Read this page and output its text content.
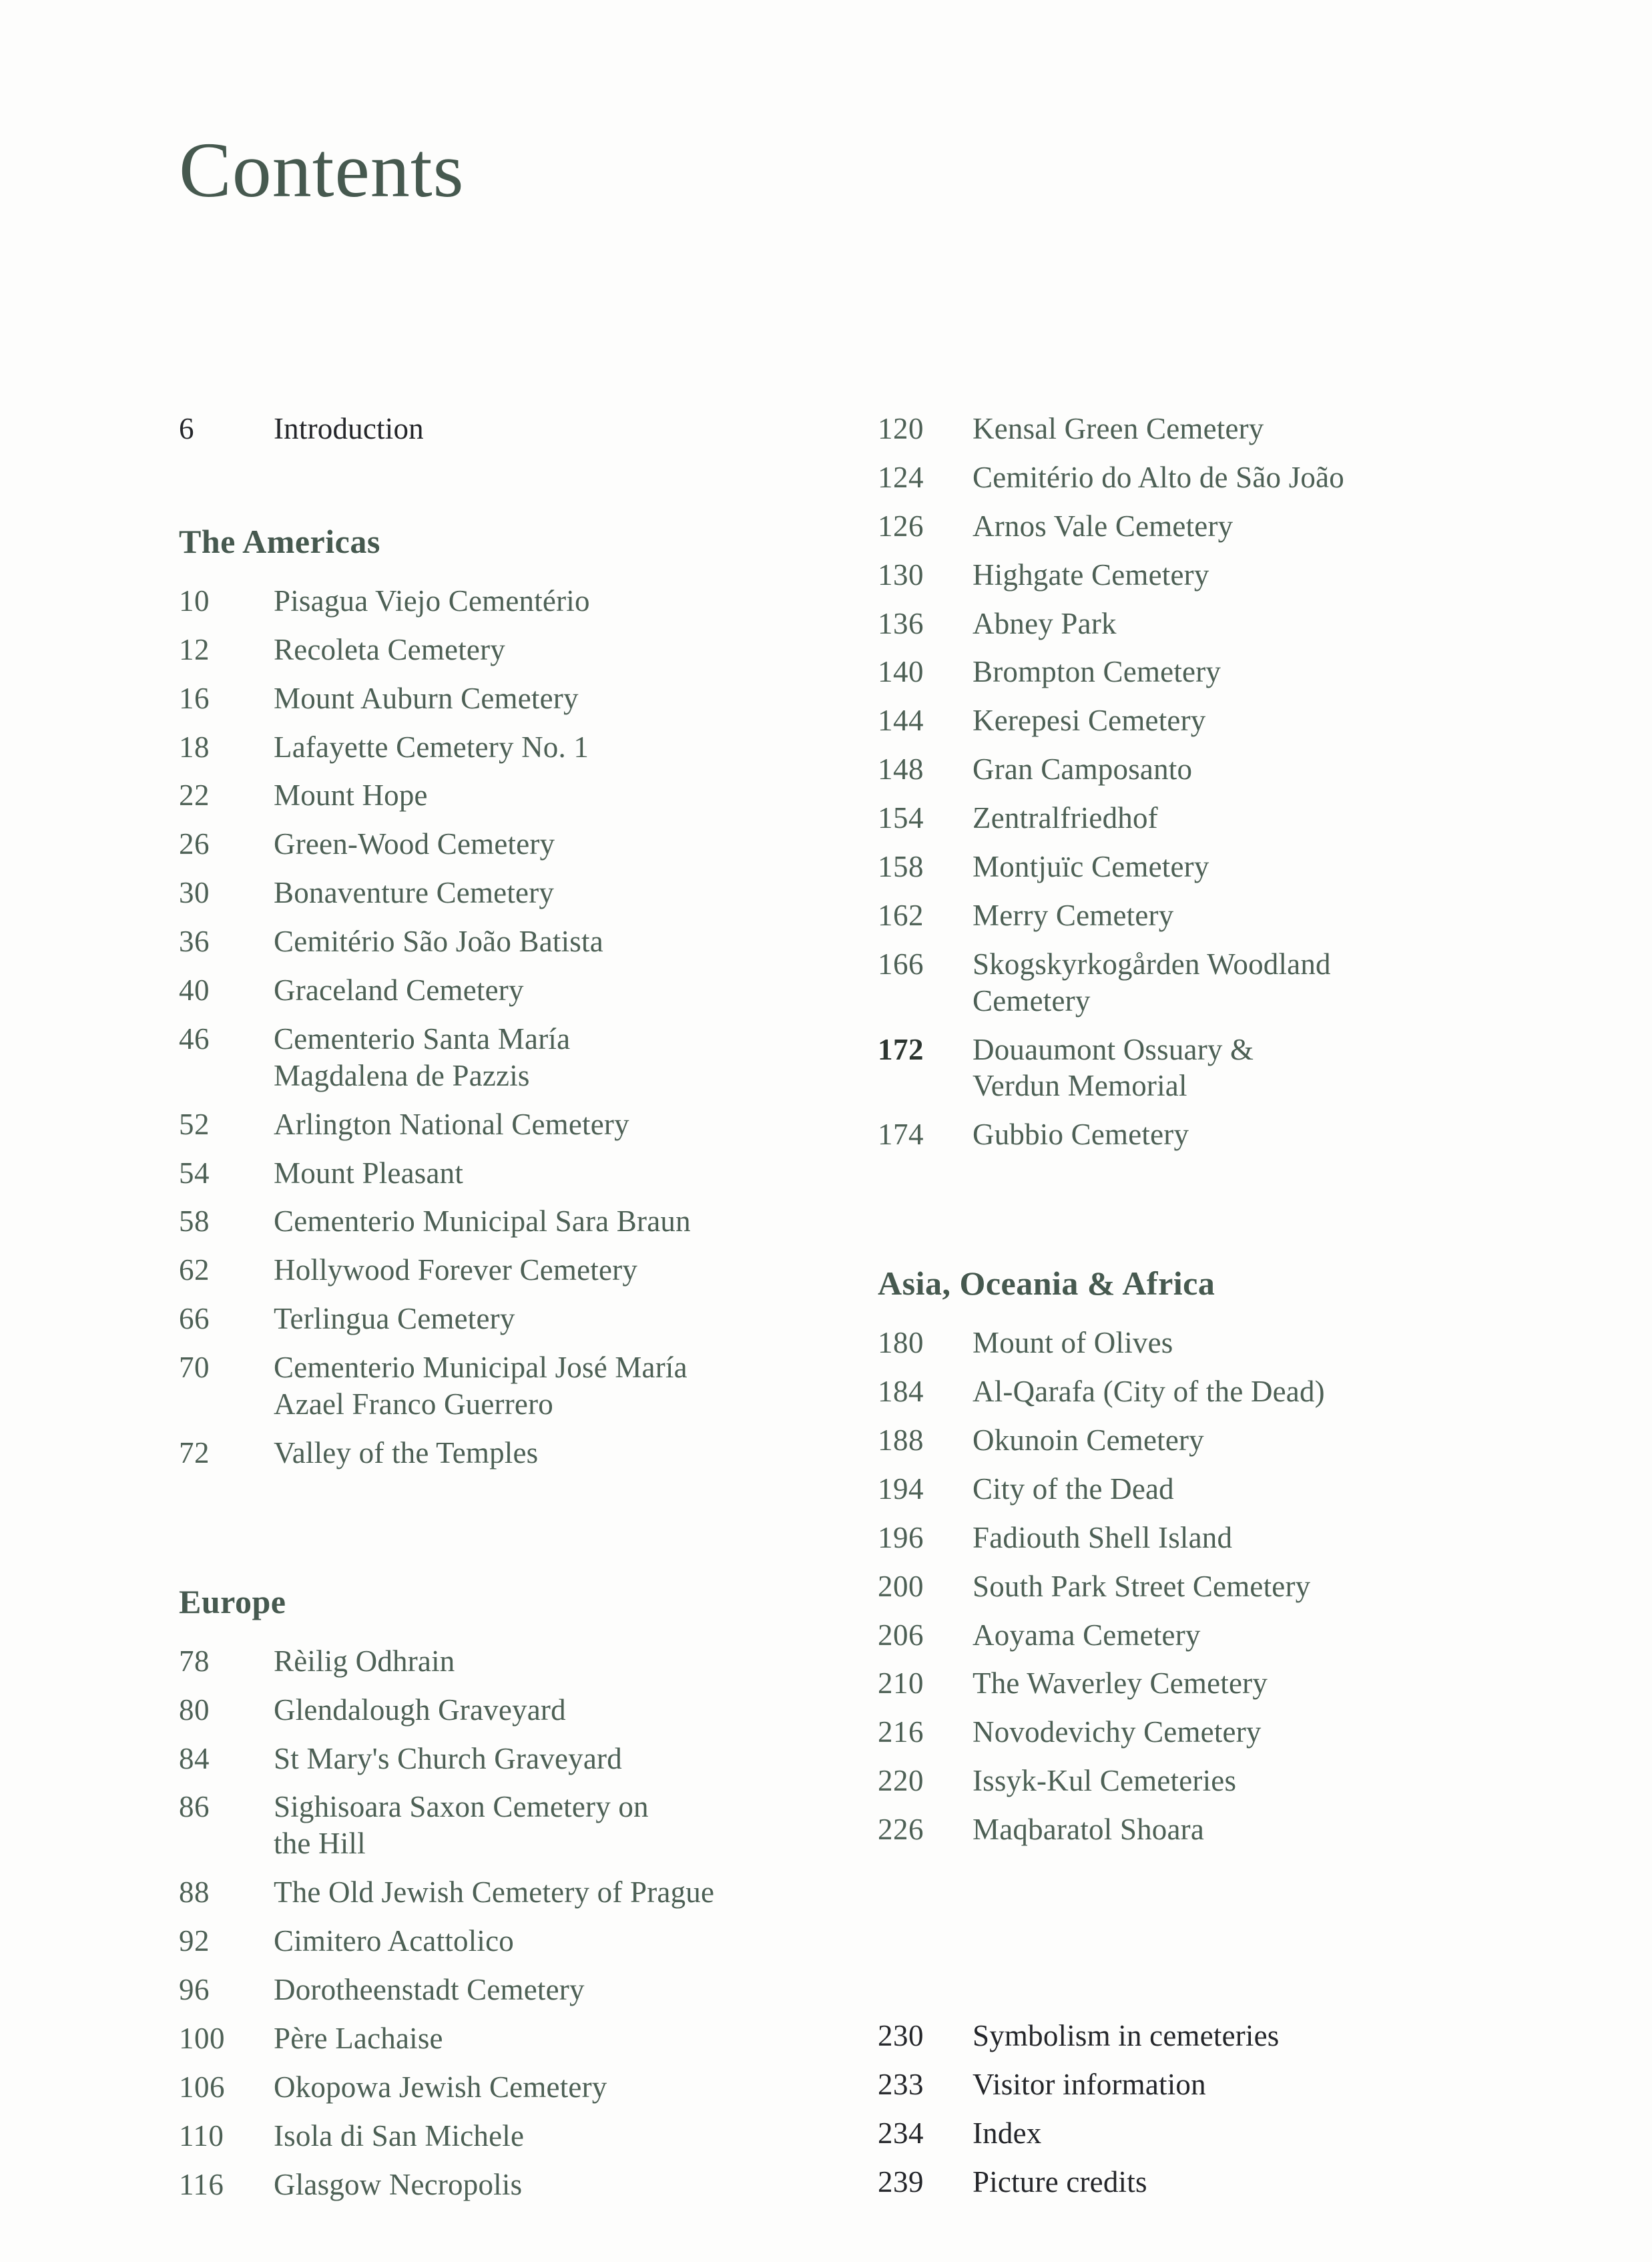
Contents
6	Introduction
The Americas
10	Pisagua Viejo Cementério
12	Recoleta Cemetery
16	Mount Auburn Cemetery
18	Lafayette Cemetery No. 1
22	Mount Hope
26	Green-Wood Cemetery
30	Bonaventure Cemetery
36	Cemitério São João Batista
40	Graceland Cemetery
46	Cementerio Santa María
Magdalena de Pazzis
52	Arlington National Cemetery
54	Mount Pleasant
58	Cementerio Municipal Sara Braun
62	Hollywood Forever Cemetery
66	Terlingua Cemetery
70	Cementerio Municipal José María
Azael Franco Guerrero
72	Valley of the Temples
Europe
78	Rèilig Odhrain
80	Glendalough Graveyard
84	St Mary's Church Graveyard
86	Sighisoara Saxon Cemetery on
the Hill
88	The Old Jewish Cemetery of Prague
92	Cimitero Acattolico
96	Dorotheenstadt Cemetery
100	Père Lachaise
106	Okopowa Jewish Cemetery
110	Isola di San Michele
116	Glasgow Necropolis
120	Kensal Green Cemetery
124	Cemitério do Alto de São João
126	Arnos Vale Cemetery
130	Highgate Cemetery
136	Abney Park
140	Brompton Cemetery
144	Kerepesi Cemetery
148	Gran Camposanto
154	Zentralfriedhof
158	Montjuïc Cemetery
162	Merry Cemetery
166	Skogskyrkogården Woodland
Cemetery
172	Douaumont Ossuary &
Verdun Memorial
174	Gubbio Cemetery
Asia, Oceania & Africa
180	Mount of Olives
184	Al-Qarafa (City of the Dead)
188	Okunoin Cemetery
194	City of the Dead
196	Fadiouth Shell Island
200	South Park Street Cemetery
206	Aoyama Cemetery
210	The Waverley Cemetery
216	Novodevichy Cemetery
220	Issyk-Kul Cemeteries
226	Maqbaratol Shoara
230	Symbolism in cemeteries
233	Visitor information
234	Index
239	Picture credits
